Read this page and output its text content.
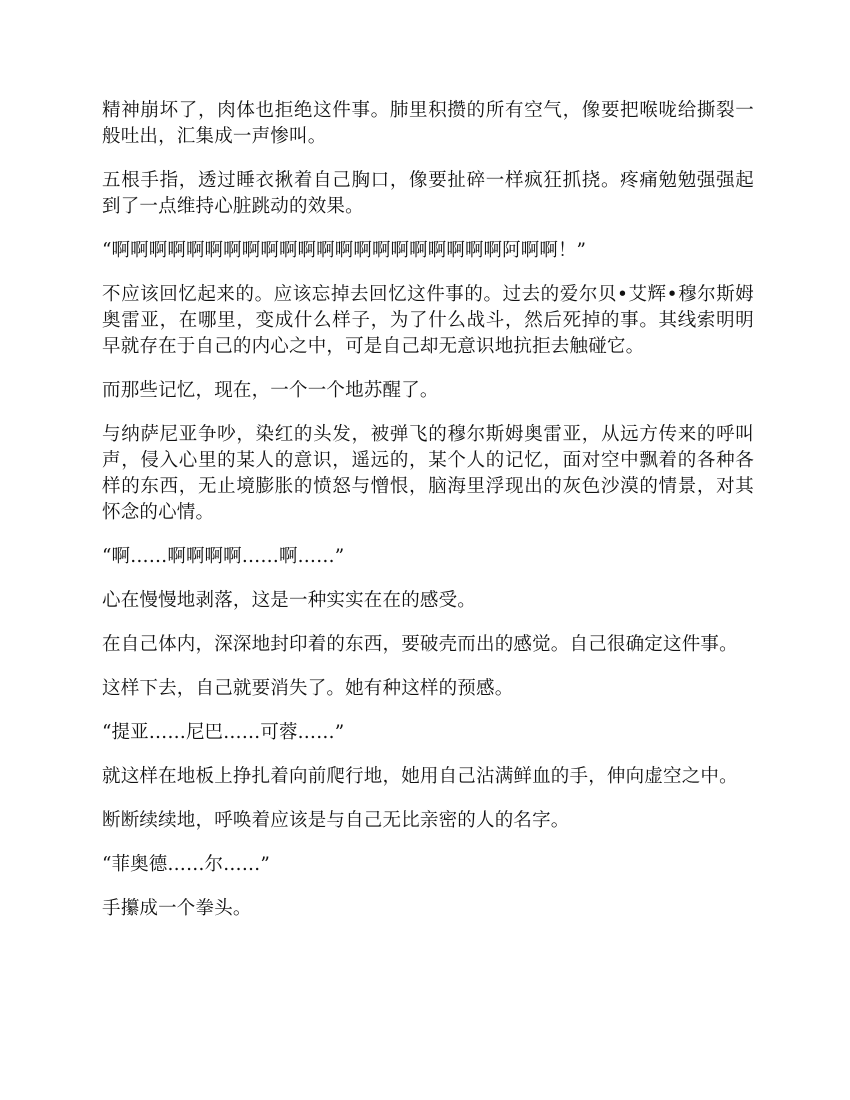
精神崩坏了，肉体也拒绝这件事。肺里积攒的所有空气，像要把喉咙给撕裂一般吐出，汇集成一声惨叫。

五根手指，透过睡衣揪着自己胸口，像要扯碎一样疯狂抓挠。疼痛勉勉强强起到了一点维持心脏跳动的效果。

“啊啊啊啊啊啊啊啊啊啊啊啊啊啊啊啊啊啊啊啊啊阿啊啊！”

不应该回忆起来的。应该忘掉去回忆这件事的。过去的爱尔贝•艾辉•穆尔斯姆奥雷亚，在哪里，变成什么样子，为了什么战斗，然后死掉的事。其线索明明早就存在于自己的内心之中，可是自己却无意识地抗拒去触碰它。

而那些记忆，现在，一个一个地苏醒了。

与纳萨尼亚争吵，染红的头发，被弹飞的穆尔斯姆奥雷亚，从远方传来的呼叫声，侵入心里的某人的意识，遥远的，某个人的记忆，面对空中飘着的各种各样的东西，无止境膨胀的愤怒与憎恨，脑海里浮现出的灰色沙漠的情景，对其怀念的心情。

“啊……啊啊啊啊……啊……”

心在慢慢地剥落，这是一种实实在在的感受。

在自己体内，深深地封印着的东西，要破壳而出的感觉。自己很确定这件事。

这样下去，自己就要消失了。她有种这样的预感。

“提亚……尼巴……可蓉……”

就这样在地板上挣扎着向前爬行地，她用自己沾满鲜血的手，伸向虚空之中。

断断续续地，呼唤着应该是与自己无比亲密的人的名字。

“菲奥德……尔……”

手攥成一个拳头。
